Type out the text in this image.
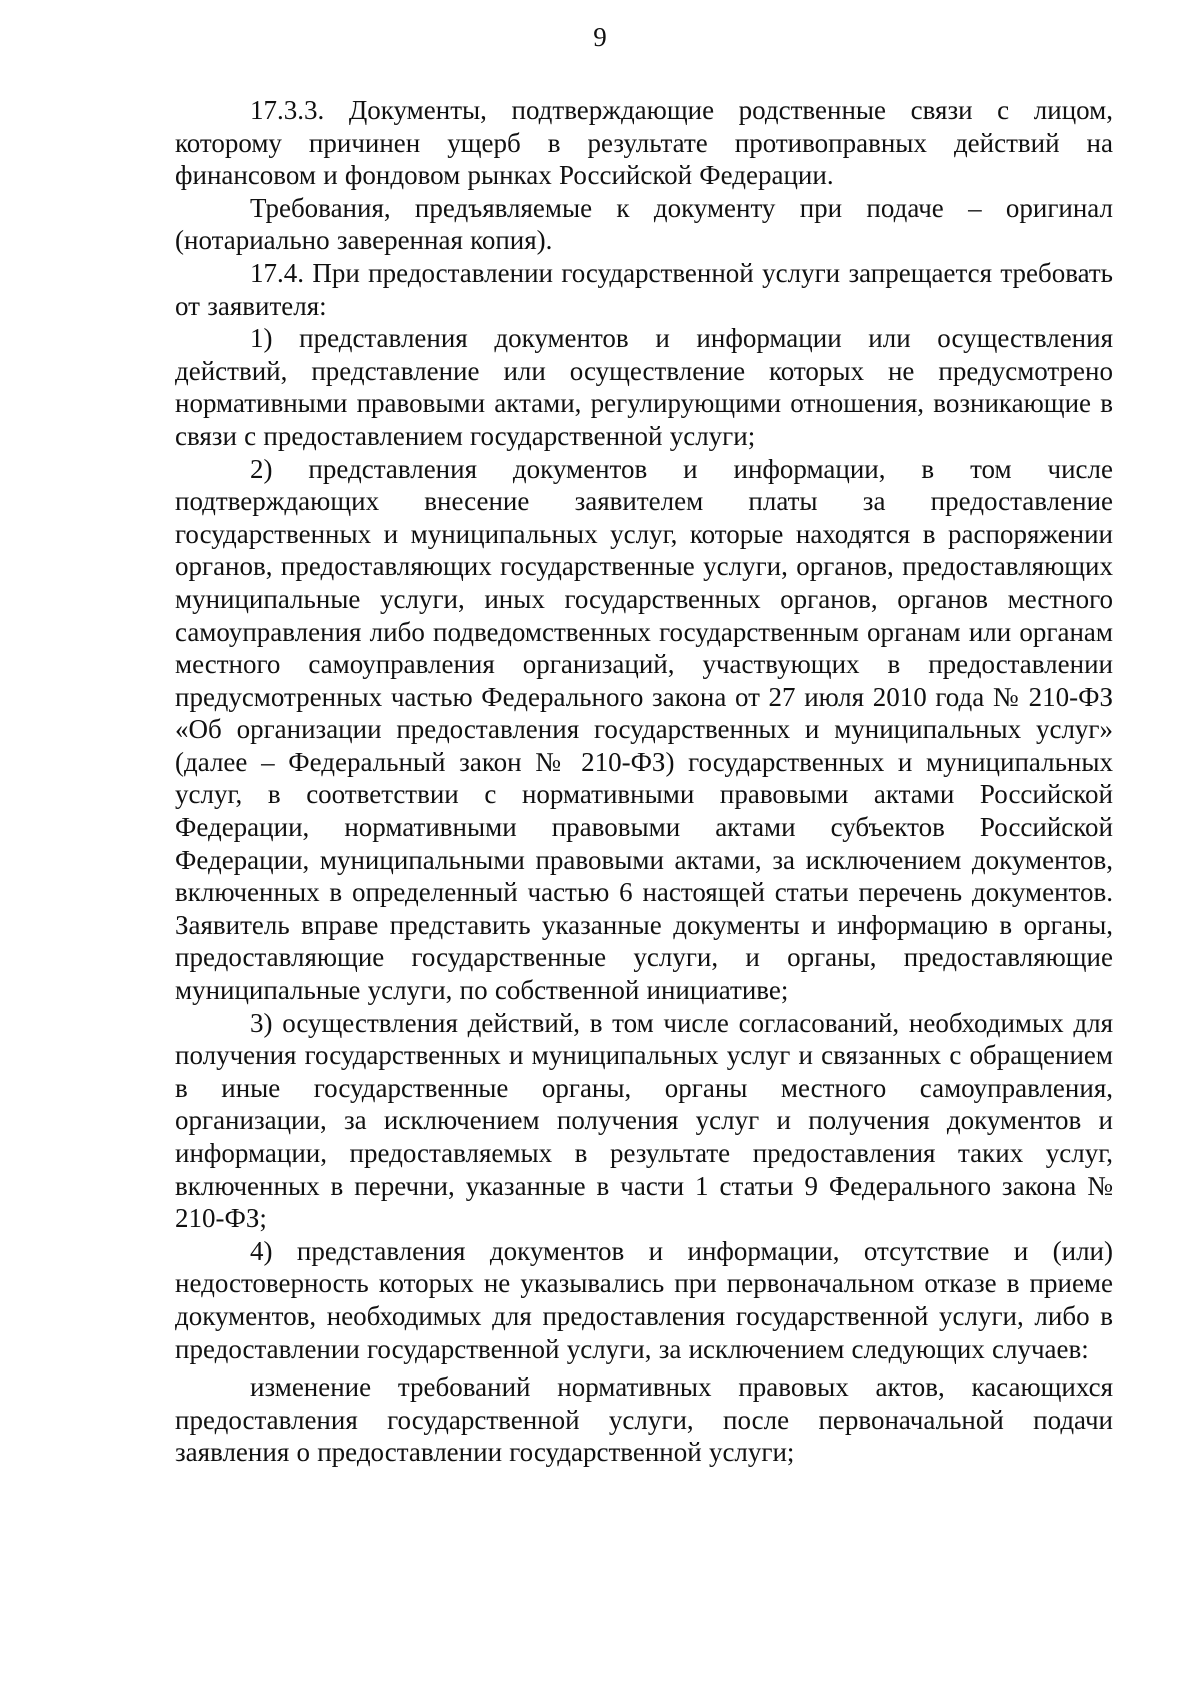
9

17.3.3. Документы, подтверждающие родственные связи с лицом, которому причинен ущерб в результате противоправных действий на финансовом и фондовом рынках Российской Федерации.

Требования, предъявляемые к документу при подаче – оригинал (нотариально заверенная копия).

17.4. При предоставлении государственной услуги запрещается требовать от заявителя:

1) представления документов и информации или осуществления действий, представление или осуществление которых не предусмотрено нормативными правовыми актами, регулирующими отношения, возникающие в связи с предоставлением государственной услуги;

2) представления документов и информации, в том числе подтверждающих внесение заявителем платы за предоставление государственных и муниципальных услуг, которые находятся в распоряжении органов, предоставляющих государственные услуги, органов, предоставляющих муниципальные услуги, иных государственных органов, органов местного самоуправления либо подведомственных государственным органам или органам местного самоуправления организаций, участвующих в предоставлении предусмотренных частью Федерального закона от 27 июля 2010 года № 210-ФЗ «Об организации предоставления государственных и муниципальных услуг» (далее – Федеральный закон № 210-ФЗ) государственных и муниципальных услуг, в соответствии с нормативными правовыми актами Российской Федерации, нормативными правовыми актами субъектов Российской Федерации, муниципальными правовыми актами, за исключением документов, включенных в определенный частью 6 настоящей статьи перечень документов. Заявитель вправе представить указанные документы и информацию в органы, предоставляющие государственные услуги, и органы, предоставляющие муниципальные услуги, по собственной инициативе;

3) осуществления действий, в том числе согласований, необходимых для получения государственных и муниципальных услуг и связанных с обращением в иные государственные органы, органы местного самоуправления, организации, за исключением получения услуг и получения документов и информации, предоставляемых в результате предоставления таких услуг, включенных в перечни, указанные в части 1 статьи 9 Федерального закона № 210-ФЗ;

4) представления документов и информации, отсутствие и (или) недостоверность которых не указывались при первоначальном отказе в приеме документов, необходимых для предоставления государственной услуги, либо в предоставлении государственной услуги, за исключением следующих случаев:

изменение требований нормативных правовых актов, касающихся предоставления государственной услуги, после первоначальной подачи заявления о предоставлении государственной услуги;
